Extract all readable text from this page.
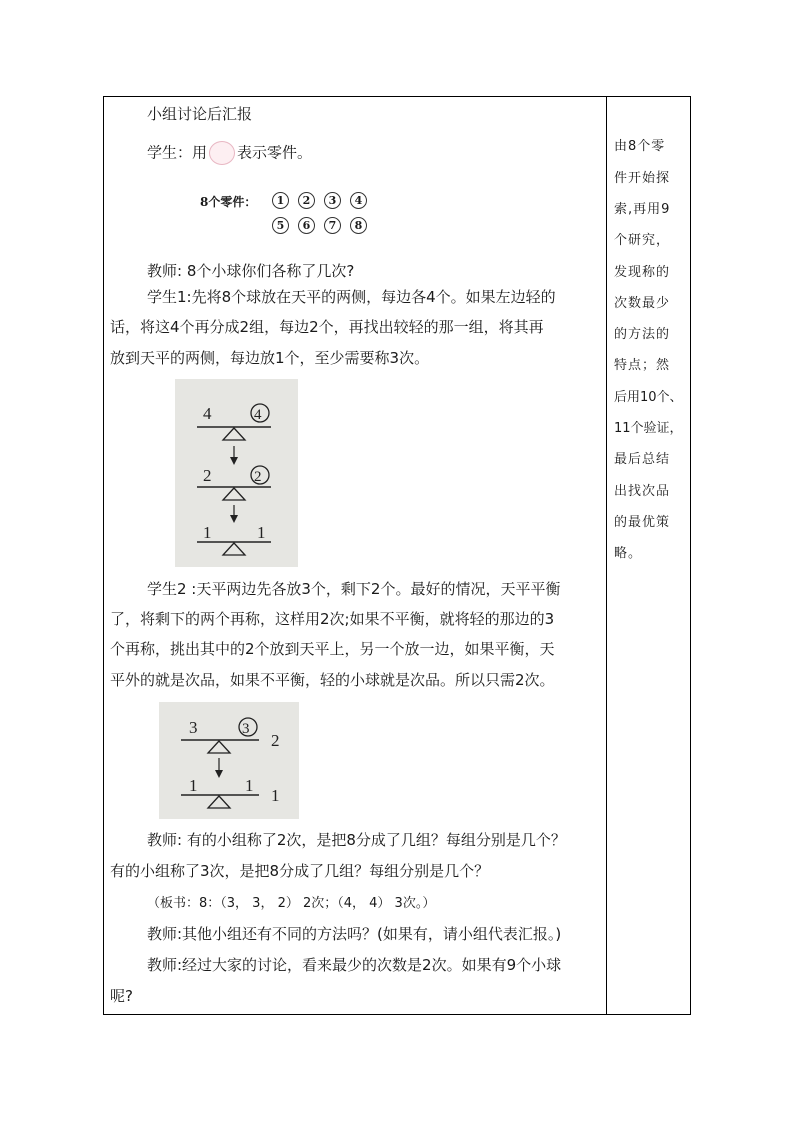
小组讨论后汇报
学生：用 表示零件。
8个零件：	1	2	3	4
5	6	7	8
教师: 8个小球你们各称了几次?
学生1:先将8个球放在天平的两侧，每边各4个。如果左边轻的
话，将这4个再分成2组，每边2个，再找出较轻的那一组，将其再
放到天平的两侧，每边放1个，至少需要称3次。
4	4
2	2
1	1
学生2 :天平两边先各放3个，剩下2个。最好的情况，天平平衡
了，将剩下的两个再称，这样用2次;如果不平衡，就将轻的那边的3
个再称，挑出其中的2个放到天平上，另一个放一边，如果平衡，天
平外的就是次品，如果不平衡，轻的小球就是次品。所以只需2次。
3	3
2
1	1
1
教师: 有的小组称了2次，是把8分成了几组？每组分别是几个？
有的小组称了3次，是把8分成了几组？每组分别是几个？
（板书：8：（3， 3， 2） 2次；（4， 4） 3次。）
教师:其他小组还有不同的方法吗？(如果有，请小组代表汇报。)
教师:经过大家的讨论，看来最少的次数是2次。如果有9个小球
呢?
由8个零
件开始探
索,再用9
个研究，
发现称的
次数最少
的方法的
特点；然
后用10个、
11个验证，
最后总结
出找次品
的最优策
略。
